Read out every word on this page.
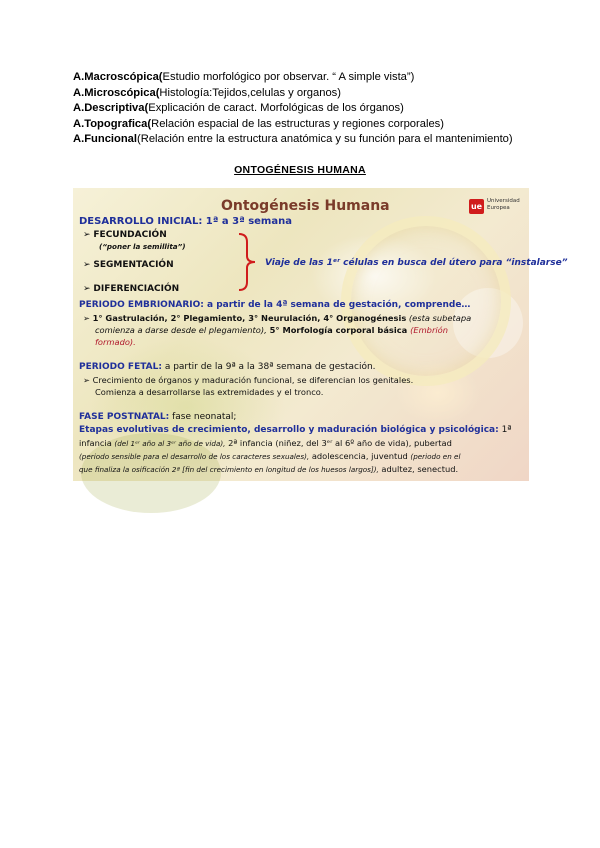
A.Macroscópica(Estudio morfológico por observar. “ A simple vista”)
A.Microscópica(Histología:Tejidos,celulas y organos)
A.Descriptiva(Explicación de caract. Morfológicas de los órganos)
A.Topografica(Relación espacial de las estructuras y regiones corporales)
A.Funcional(Relación entre la estructura anatómica y su función para el mantenimiento)
ONTOGÉNESIS HUMANA
Ontogénesis Humana	ue
Universidad
Europea
DESARROLLO INICIAL: 1ª a 3ª semana
➢ FECUNDACIÓN
(“poner la semillita”)
➢ SEGMENTACIÓN
➢ DIFERENCIACIÓN
Viaje de las 1ᵉʳ células en busca del útero para “instalarse”
PERIODO EMBRIONARIO: a partir de la 4ª semana de gestación, comprende…
➢ 1° Gastrulación, 2° Plegamiento, 3° Neurulación, 4° Organogénesis (esta subetapa
comienza a darse desde el plegamiento), 5° Morfología corporal básica (Embrión
formado).
PERIODO FETAL: a partir de la 9ª a la 38ª semana de gestación.
➢ Crecimiento de órganos y maduración funcional, se diferencian los genitales.
Comienza a desarrollarse las extremidades y el tronco.
FASE POSTNATAL: fase neonatal;
Etapas evolutivas de crecimiento, desarrollo y maduración biológica y psicológica: 1ª
infancia (del 1ᵉʳ año al 3ᵉʳ año de vida), 2ª infancia (niñez, del 3ᵉʳ al 6º año de vida), pubertad
(periodo sensible para el desarrollo de los caracteres sexuales), adolescencia, juventud (periodo en el
que finaliza la osificación 2ª [fin del crecimiento en longitud de los huesos largos]), adultez, senectud.
